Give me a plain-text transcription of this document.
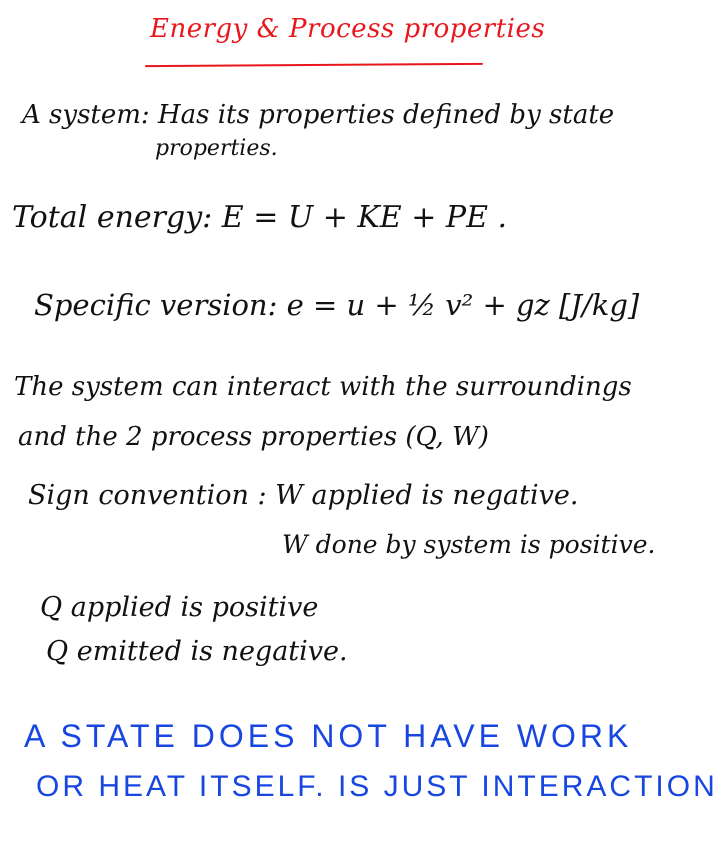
Energy & Process properties
A system: Has its properties defined by state
properties.
Total energy: E = U + KE + PE .
Specific version: e = u + ½ v² + gz [J/kg]
The system can interact with the surroundings
and the 2 process properties (Q, W)
Sign convention : W applied is negative.
W done by system is positive.
Q applied is positive
Q emitted is negative.
A STATE DOES NOT HAVE WORK
OR HEAT ITSELF. IS JUST INTERACTION
